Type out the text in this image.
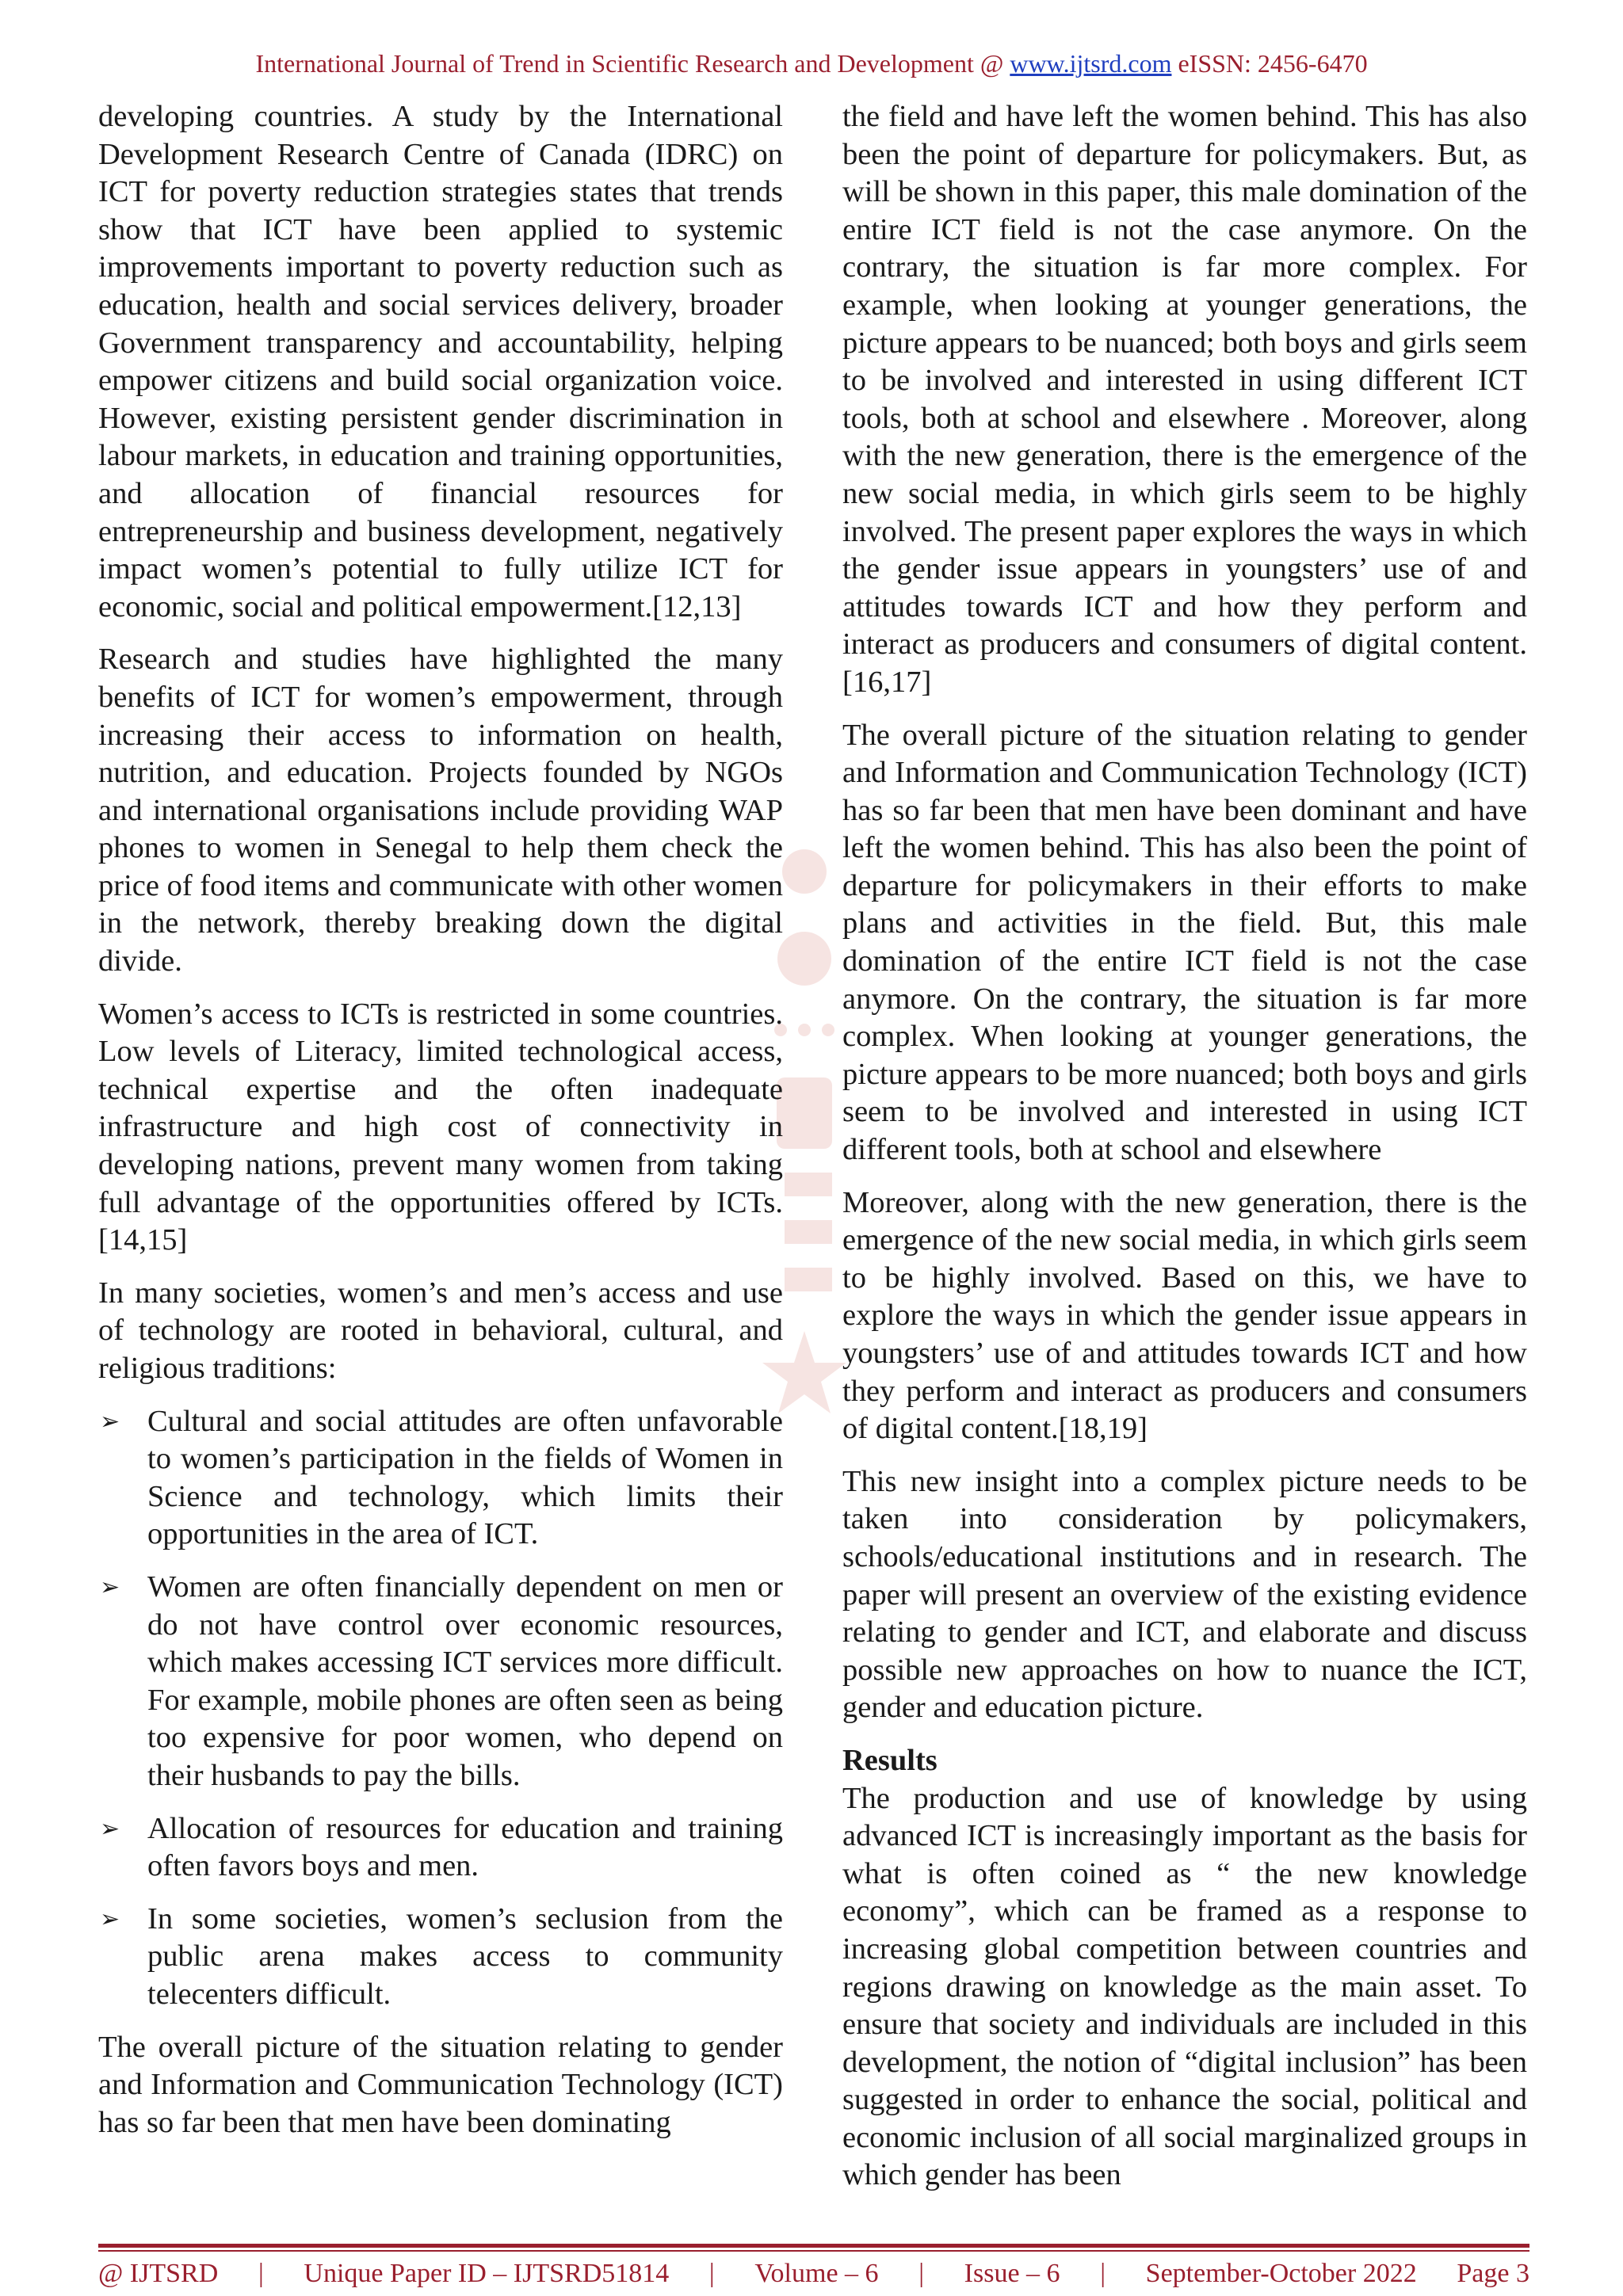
International Journal of Trend in Scientific Research and Development @ www.ijtsrd.com eISSN: 2456-6470

developing countries. A study by the International Development Research Centre of Canada (IDRC) on ICT for poverty reduction strategies states that trends show that ICT have been applied to systemic improvements important to poverty reduction such as education, health and social services delivery, broader Government transparency and accountability, helping empower citizens and build social organization voice. However, existing persistent gender discrimination in labour markets, in education and training opportunities, and allocation of financial resources for entrepreneurship and business development, negatively impact women’s potential to fully utilize ICT for economic, social and political empowerment.[12,13]

Research and studies have highlighted the many benefits of ICT for women’s empowerment, through increasing their access to information on health, nutrition, and education. Projects founded by NGOs and international organisations include providing WAP phones to women in Senegal to help them check the price of food items and communicate with other women in the network, thereby breaking down the digital divide.

Women’s access to ICTs is restricted in some countries. Low levels of Literacy, limited technological access, technical expertise and the often inadequate infrastructure and high cost of connectivity in developing nations, prevent many women from taking full advantage of the opportunities offered by ICTs. [14,15]

In many societies, women’s and men’s access and use of technology are rooted in behavioral, cultural, and religious traditions:

➢ Cultural and social attitudes are often unfavorable to women’s participation in the fields of Women in Science and technology, which limits their opportunities in the area of ICT.
➢ Women are often financially dependent on men or do not have control over economic resources, which makes accessing ICT services more difficult. For example, mobile phones are often seen as being too expensive for poor women, who depend on their husbands to pay the bills.
➢ Allocation of resources for education and training often favors boys and men.
➢ In some societies, women’s seclusion from the public arena makes access to community telecenters difficult.

The overall picture of the situation relating to gender and Information and Communication Technology (ICT) has so far been that men have been dominating

the field and have left the women behind. This has also been the point of departure for policymakers. But, as will be shown in this paper, this male domination of the entire ICT field is not the case anymore. On the contrary, the situation is far more complex. For example, when looking at younger generations, the picture appears to be nuanced; both boys and girls seem to be involved and interested in using different ICT tools, both at school and elsewhere . Moreover, along with the new generation, there is the emergence of the new social media, in which girls seem to be highly involved. The present paper explores the ways in which the gender issue appears in youngsters’ use of and attitudes towards ICT and how they perform and interact as producers and consumers of digital content.[16,17]

The overall picture of the situation relating to gender and Information and Communication Technology (ICT) has so far been that men have been dominant and have left the women behind. This has also been the point of departure for policymakers in their efforts to make plans and activities in the field. But, this male domination of the entire ICT field is not the case anymore. On the contrary, the situation is far more complex. When looking at younger generations, the picture appears to be more nuanced; both boys and girls seem to be involved and interested in using ICT different tools, both at school and elsewhere

Moreover, along with the new generation, there is the emergence of the new social media, in which girls seem to be highly involved. Based on this, we have to explore the ways in which the gender issue appears in youngsters’ use of and attitudes towards ICT and how they perform and interact as producers and consumers of digital content.[18,19]

This new insight into a complex picture needs to be taken into consideration by policymakers, schools/educational institutions and in research. The paper will present an overview of the existing evidence relating to gender and ICT, and elaborate and discuss possible new approaches on how to nuance the ICT, gender and education picture.

Results

The production and use of knowledge by using advanced ICT is increasingly important as the basis for what is often coined as “ the new knowledge economy”, which can be framed as a response to increasing global competition between countries and regions drawing on knowledge as the main asset. To ensure that society and individuals are included in this development, the notion of “digital inclusion” has been suggested in order to enhance the social, political and economic inclusion of all social marginalized groups in which gender has been

@ IJTSRD | Unique Paper ID – IJTSRD51814 | Volume – 6 | Issue – 6 | September-October 2022 Page 3
